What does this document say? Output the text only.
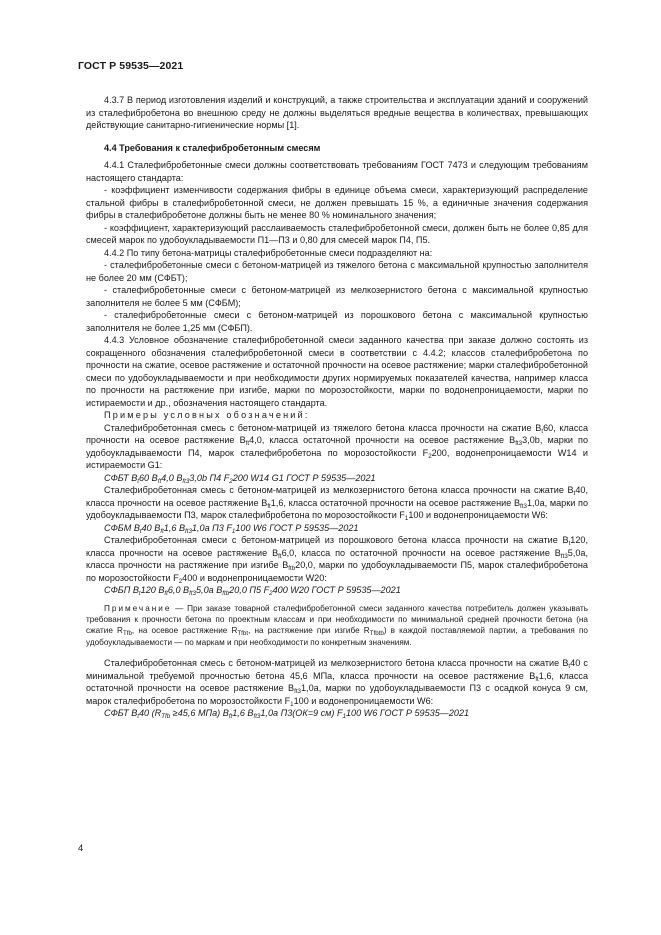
ГОСТ Р 59535—2021

4.3.7 В период изготовления изделий и конструкций, а также строительства и эксплуатации зданий и сооружений из сталефибробетона во внешнюю среду не должны выделяться вредные вещества в количествах, превышающих действующие санитарно-гигиенические нормы [1].

4.4 Требования к сталефибробетонным смесям

4.4.1 Сталефибробетонные смеси должны соответствовать требованиям ГОСТ 7473 и следующим требованиям настоящего стандарта:

- коэффициент изменчивости содержания фибры в единице объема смеси, характеризующий распределение стальной фибры в сталефибробетонной смеси, не должен превышать 15 %, а единичные значения содержания фибры в сталефибробетоне должны быть не менее 80 % номинального значения;

- коэффициент, характеризующий расслаиваемость сталефибробетонной смеси, должен быть не более 0,85 для смесей марок по удобоукладываемости П1—П3 и 0,80 для смесей марок П4, П5.

4.4.2 По типу бетона-матрицы сталефибробетонные смеси подразделяют на:

- сталефибробетонные смеси с бетоном-матрицей из тяжелого бетона с максимальной крупностью заполнителя не более 20 мм (СФБТ);

- сталефибробетонные смеси с бетоном-матрицей из мелкозернистого бетона с максимальной крупностью заполнителя не более 5 мм (СФБМ);

- сталефибробетонные смеси с бетоном-матрицей из порошкового бетона с максимальной крупностью заполнителя не более 1,25 мм (СФБП).

4.4.3 Условное обозначение сталефибробетонной смеси заданного качества при заказе должно состоять из сокращенного обозначения сталефибробетонной смеси в соответствии с 4.4.2; классов сталефибробетона по прочности на сжатие, осевое растяжение и остаточной прочности на осевое растяжение; марки сталефибробетонной смеси по удобоукладываемости и при необходимости других нормируемых показателей качества, например класса по прочности на растяжение при изгибе, марки по морозостойкости, марки по водонепроницаемости, марки по истираемости и др., обозначения настоящего стандарта.

Примеры условных обозначений:

Сталефибробетонная смесь с бетоном-матрицей из тяжелого бетона класса прочности на сжатие $B_t60$, класса прочности на осевое растяжение $B_{ft}4,0$, класса остаточной прочности на осевое растяжение $B_{ft3}3,0b$, марки по удобоукладываемости П4, марок сталефибробетона по морозостойкости $F_2200$, водонепроницаемости W14 и истираемости G1:

СФБТ $B_t60$ $B_{ft}4,0$ $B_{ft3}3,0b$ П4 $F_2200$ W14 G1 ГОСТ Р 59535—2021

Сталефибробетонная смесь с бетоном-матрицей из мелкозернистого бетона класса прочности на сжатие $B_t40$, класса прочности на осевое растяжение $B_{ft}1,6$, класса остаточной прочности на осевое растяжение $B_{ft3}1,0a$, марки по удобоукладываемости П3, марок сталефибробетона по морозостойкости $F_1100$ и водонепроницаемости W6:

СФБМ $B_t40$ $B_{ft}1,6$ $B_{ft3}1,0a$ П3 $F_1100$ W6 ГОСТ Р 59535—2021

Сталефибробетонная смеси с бетоном-матрицей из порошкового бетона класса прочности на сжатие $B_t120$, класса прочности на осевое растяжение $B_{ft}6,0$, класса по остаточной прочности на осевое растяжение $B_{ft3}5,0a$, класса прочности на растяжение при изгибе $B_{ftb}20,0$, марки по удобоукладываемости П5, марок сталефибробетона по морозостойкости $F_2400$ и водонепроницаемости W20:

СФБП $B_t120$ $B_{ft}6,0$ $B_{ft3}5,0a$ $B_{ftb}20,0$ П5 $F_2400$ W20 ГОСТ Р 59535—2021

Примечание — При заказе товарной сталефибробетонной смеси заданного качества потребитель должен указывать требования к прочности бетона по проектным классам и при необходимости по минимальной средней прочности бетона (на сжатие $R_{Tfb}$, на осевое растяжение $R_{Tfbt}$, на растяжение при изгибе $R_{Tfbtb}$) в каждой поставляемой партии, а требования по удобоукладываемости — по маркам и при необходимости по конкретным значениям.

Сталефибробетонная смесь с бетоном-матрицей из мелкозернистого бетона класса прочности на сжатие $B_t40$ с минимальной требуемой прочностью бетона 45,6 МПа, класса прочности на осевое растяжение $B_{ft}1,6$, класса остаточной прочности на осевое растяжение $B_{ft3}1,0a$, марки по удобоукладываемости П3 с осадкой конуса 9 см, марок сталефибробетона по морозостойкости $F_1100$ и водонепроницаемости W6:

СФБТ $B_t40$ ($R_{Tfb} \ge 45,6$ МПа) $B_{ft}1,6$ $B_{ft3}1,0a$ П3(ОК=9 см) $F_1100$ W6 ГОСТ Р 59535—2021

4
